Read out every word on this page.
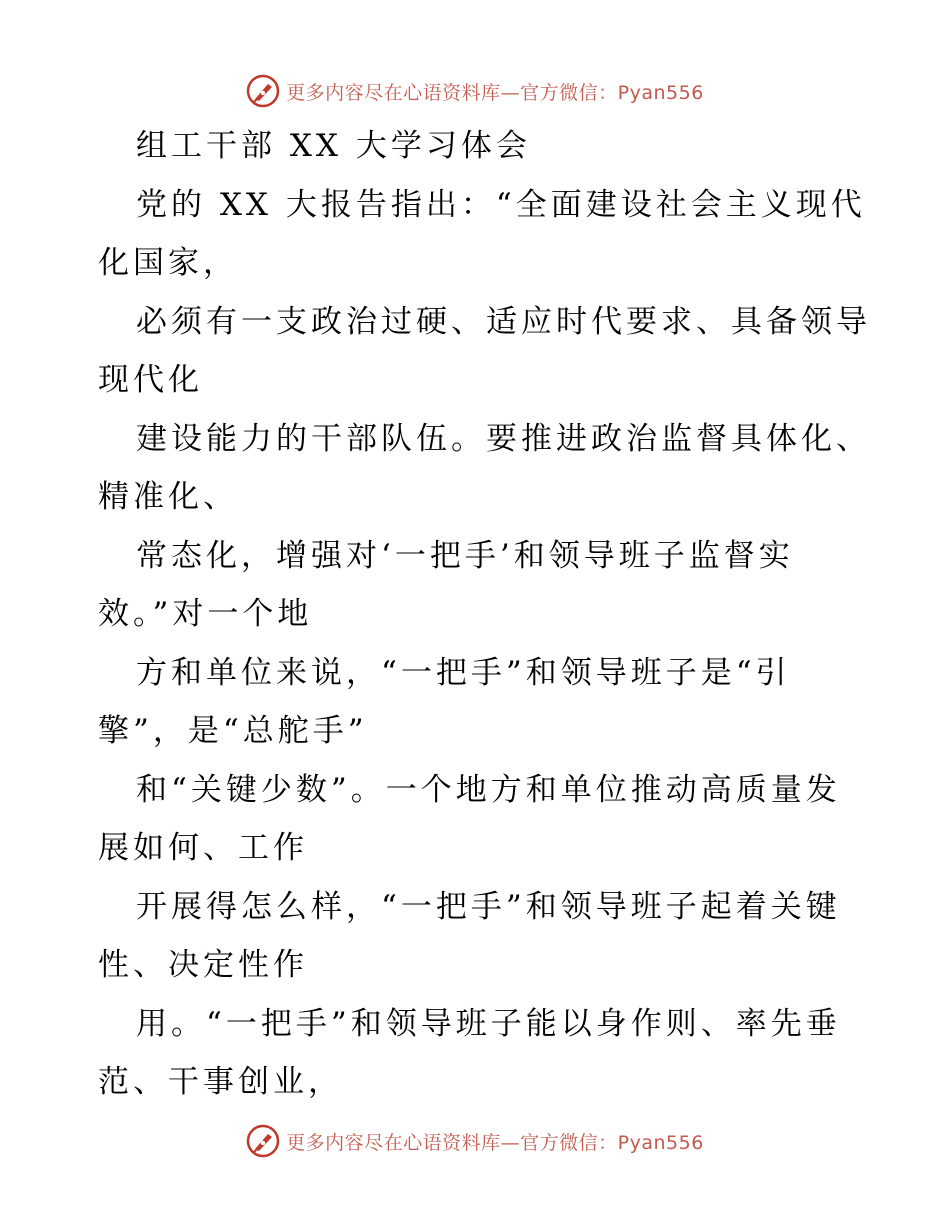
更多内容尽在心语资料库—官方微信：Pyan556
组工干部 XX 大学习体会
党的 XX 大报告指出：“全面建设社会主义现代
化国家，
必须有一支政治过硬、适应时代要求、具备领导
现代化
建设能力的干部队伍。要推进政治监督具体化、
精准化、
常态化，增强对‘一把手’和领导班子监督实
效。”对一个地
方和单位来说，“一把手”和领导班子是“引
擎”，是“总舵手”
和“关键少数”。一个地方和单位推动高质量发
展如何、工作
开展得怎么样，“一把手”和领导班子起着关键
性、决定性作
用。“一把手”和领导班子能以身作则、率先垂
范、干事创业，
更多内容尽在心语资料库—官方微信：Pyan556
